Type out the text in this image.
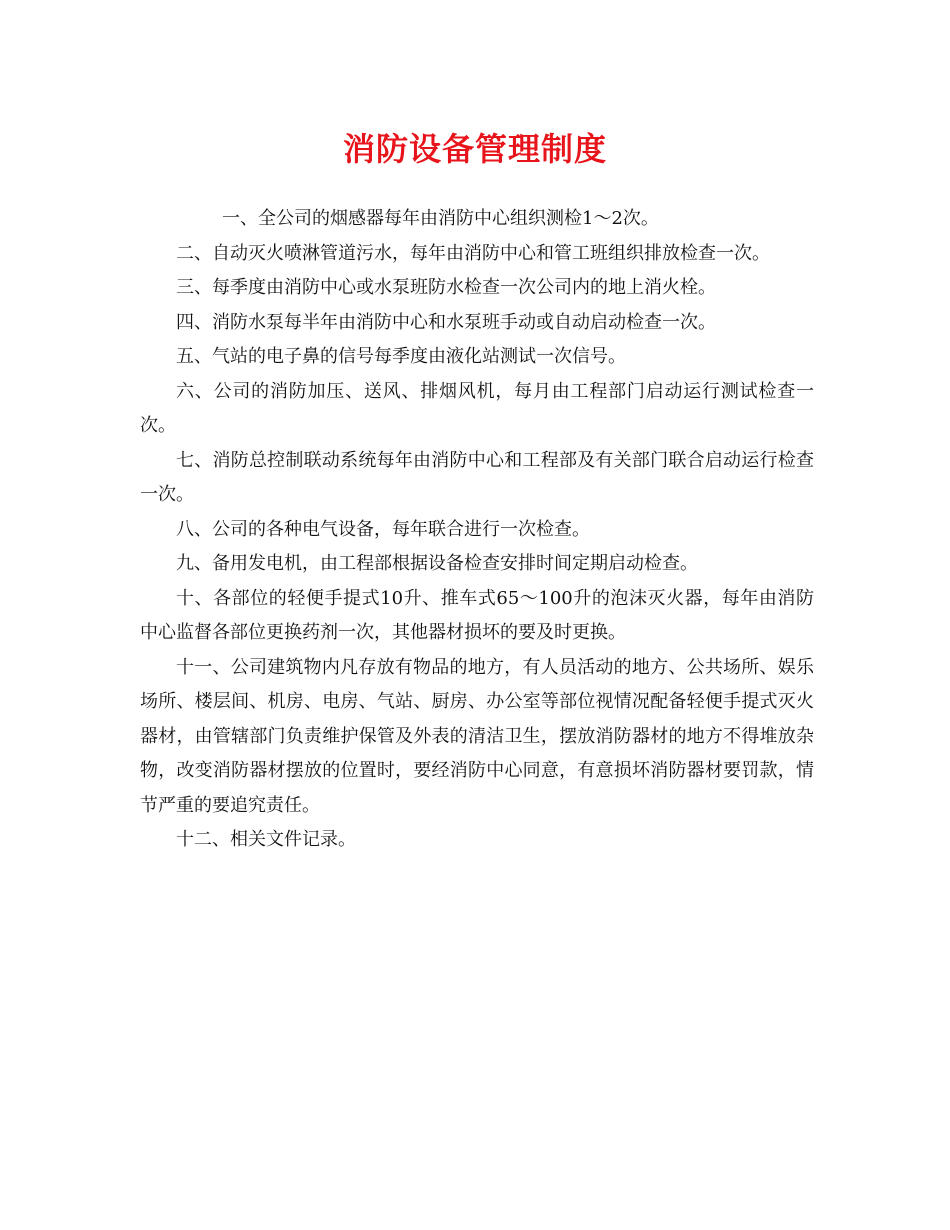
消防设备管理制度

一、全公司的烟感器每年由消防中心组织测检1～2次。

二、自动灭火喷淋管道污水，每年由消防中心和管工班组织排放检查一次。

三、每季度由消防中心或水泵班防水检查一次公司内的地上消火栓。

四、消防水泵每半年由消防中心和水泵班手动或自动启动检查一次。

五、气站的电子鼻的信号每季度由液化站测试一次信号。

六、公司的消防加压、送风、排烟风机，每月由工程部门启动运行测试检查一次。

七、消防总控制联动系统每年由消防中心和工程部及有关部门联合启动运行检查一次。

八、公司的各种电气设备，每年联合进行一次检查。

九、备用发电机，由工程部根据设备检查安排时间定期启动检查。

十、各部位的轻便手提式10升、推车式65～100升的泡沫灭火器，每年由消防中心监督各部位更换药剂一次，其他器材损坏的要及时更换。

十一、公司建筑物内凡存放有物品的地方，有人员活动的地方、公共场所、娱乐场所、楼层间、机房、电房、气站、厨房、办公室等部位视情况配备轻便手提式灭火器材，由管辖部门负责维护保管及外表的清洁卫生，摆放消防器材的地方不得堆放杂物，改变消防器材摆放的位置时，要经消防中心同意，有意损坏消防器材要罚款，情节严重的要追究责任。

十二、相关文件记录。
